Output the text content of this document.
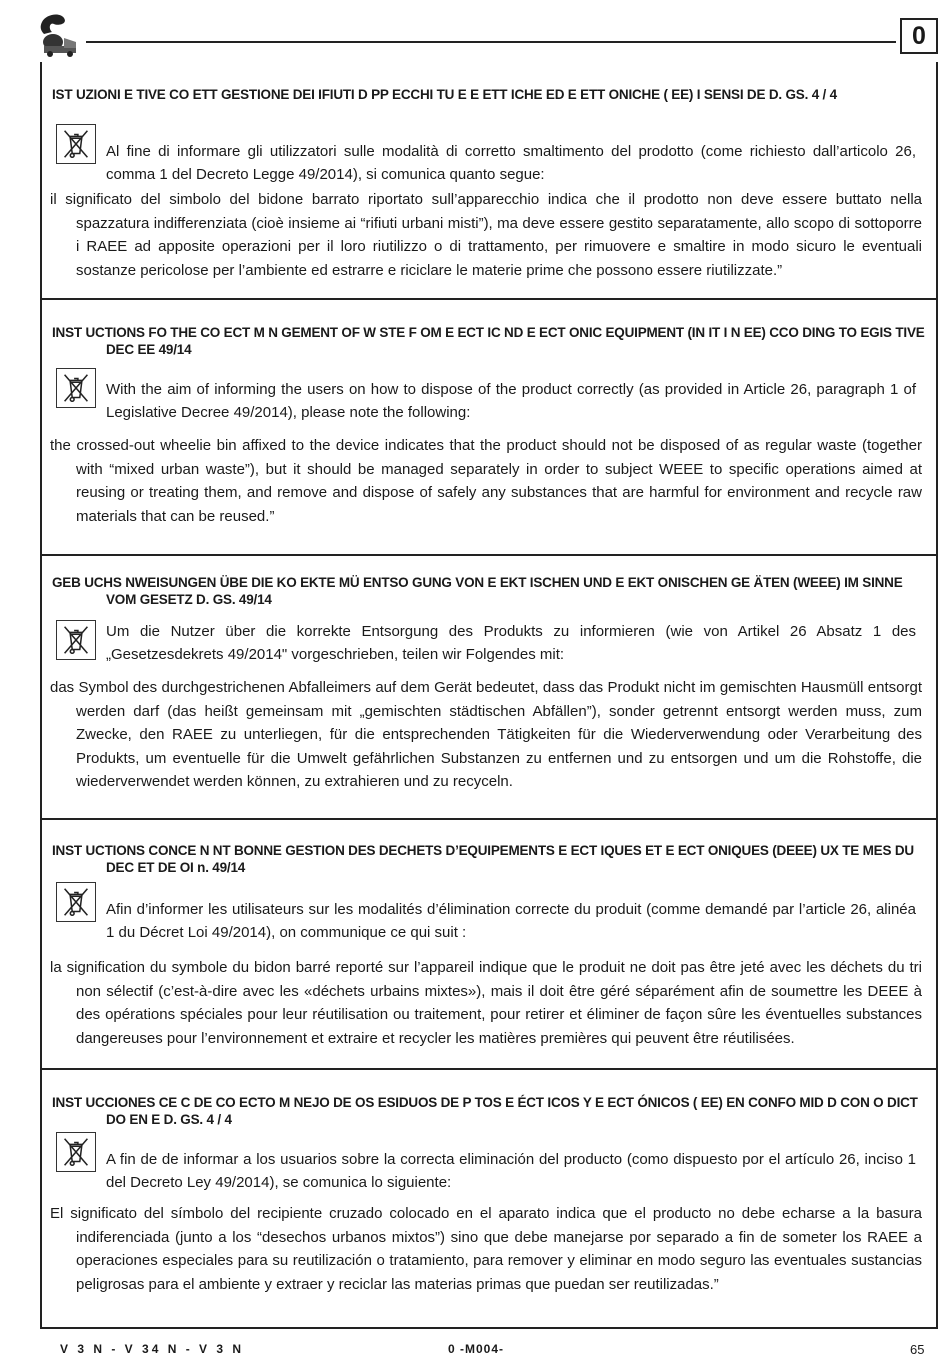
0
IST UZIONI E TIVE CO ETT GESTIONE DEI IFIUTI D PP ECCHI TU E E ETT ICHE ED E ETT ONICHE ( EE) I SENSI DE D. GS. 4 / 4
Al fine di informare gli utilizzatori sulle modalità di corretto smaltimento del prodotto (come richiesto dall’articolo 26, comma 1 del Decreto Legge 49/2014), si comunica quanto segue:
il significato del simbolo del bidone barrato riportato sull’apparecchio indica che il prodotto non deve essere buttato nella spazzatura indifferenziata (cioè insieme ai “rifiuti urbani misti”), ma deve essere gestito separatamente, allo scopo di sottoporre i RAEE ad apposite operazioni per il loro riutilizzo o di trattamento, per rimuovere e smaltire in modo sicuro le eventuali sostanze pericolose per l’ambiente ed estrarre e riciclare le materie prime che possono essere riutilizzate.”
INST UCTIONS FO THE CO ECT M N GEMENT OF W STE F OM E ECT IC ND E ECT ONIC EQUIPMENT (IN IT I N EE) CCO DING TO EGIS TIVE DEC EE 49/14
With the aim of informing the users on how to dispose of the product correctly (as provided in Article 26, paragraph 1 of Legislative Decree 49/2014), please note the following:
the crossed-out wheelie bin affixed to the device indicates that the product should not be disposed of as regular waste (together with “mixed urban waste”), but it should be managed separately in order to subject WEEE to specific operations aimed at reusing or treating them, and remove and dispose of safely any substances that are harmful for environment and recycle raw materials that can be reused.”
GEB UCHS NWEISUNGEN ÜBE DIE KO EKTE MÜ ENTSO GUNG VON E EKT ISCHEN UND E EKT ONISCHEN GE ÄTEN (WEEE) IM SINNE VOM GESETZ D. GS. 49/14
Um die Nutzer über die korrekte Entsorgung des Produkts zu informieren (wie von Artikel 26 Absatz 1 des „Gesetzesdekrets 49/2014" vorgeschrieben, teilen wir Folgendes mit:
das Symbol des durchgestrichenen Abfalleimers auf dem Gerät bedeutet, dass das Produkt nicht im gemischten Hausmüll entsorgt werden darf (das heißt gemeinsam mit „gemischten städtischen Abfällen”), sonder getrennt entsorgt werden muss, zum Zwecke, den RAEE zu unterliegen, für die entsprechenden Tätigkeiten für die Wiederverwendung oder Verarbeitung des Produkts, um eventuelle für die Umwelt gefährlichen Substanzen zu entfernen und zu entsorgen und um die Rohstoffe, die wiederverwendet werden können, zu extrahieren und zu recyceln.
INST UCTIONS CONCE N NT BONNE GESTION DES DECHETS D’EQUIPEMENTS E ECT IQUES ET E ECT ONIQUES (DEEE) UX TE MES DU DEC ET DE OI n. 49/14
Afin d’informer les utilisateurs sur les modalités d’élimination correcte du produit (comme demandé par l’article 26, alinéa 1 du Décret Loi 49/2014), on communique ce qui suit :
la signification du symbole du bidon barré reporté sur l’appareil indique que le produit ne doit pas être jeté avec les déchets du tri non sélectif (c’est-à-dire avec les «déchets urbains mixtes»), mais il doit être géré séparément afin de soumettre les DEEE à des opérations spéciales pour leur réutilisation ou traitement, pour retirer et éliminer de façon sûre les éventuelles substances dangereuses pour l’environnement et extraire et recycler les matières premières qui peuvent être réutilisées.
INST UCCIONES CE C DE CO ECTO M NEJO DE OS ESIDUOS DE P TOS E ÉCT ICOS Y E ECT ÓNICOS ( EE) EN CONFO MID D CON O DICT DO EN E D. GS. 4 / 4
A fin de de informar a los usuarios sobre la correcta eliminación del producto (como dispuesto por el artículo 26, inciso 1 del Decreto Ley 49/2014), se comunica lo siguiente:
El significato del símbolo del recipiente cruzado colocado en el aparato indica que el producto no debe echarse a la basura indiferenciada (junto a los “desechos urbanos mixtos”) sino que debe manejarse por separado a fin de someter los RAEE a operaciones especiales para su reutilización o tratamiento, para remover y eliminar en modo seguro las eventuales sustancias peligrosas para el ambiente y extraer y reciclar las materias primas que puedan ser reutilizadas.”
V 3 N - V 34 N - V 3 N	0 -M004-	65
